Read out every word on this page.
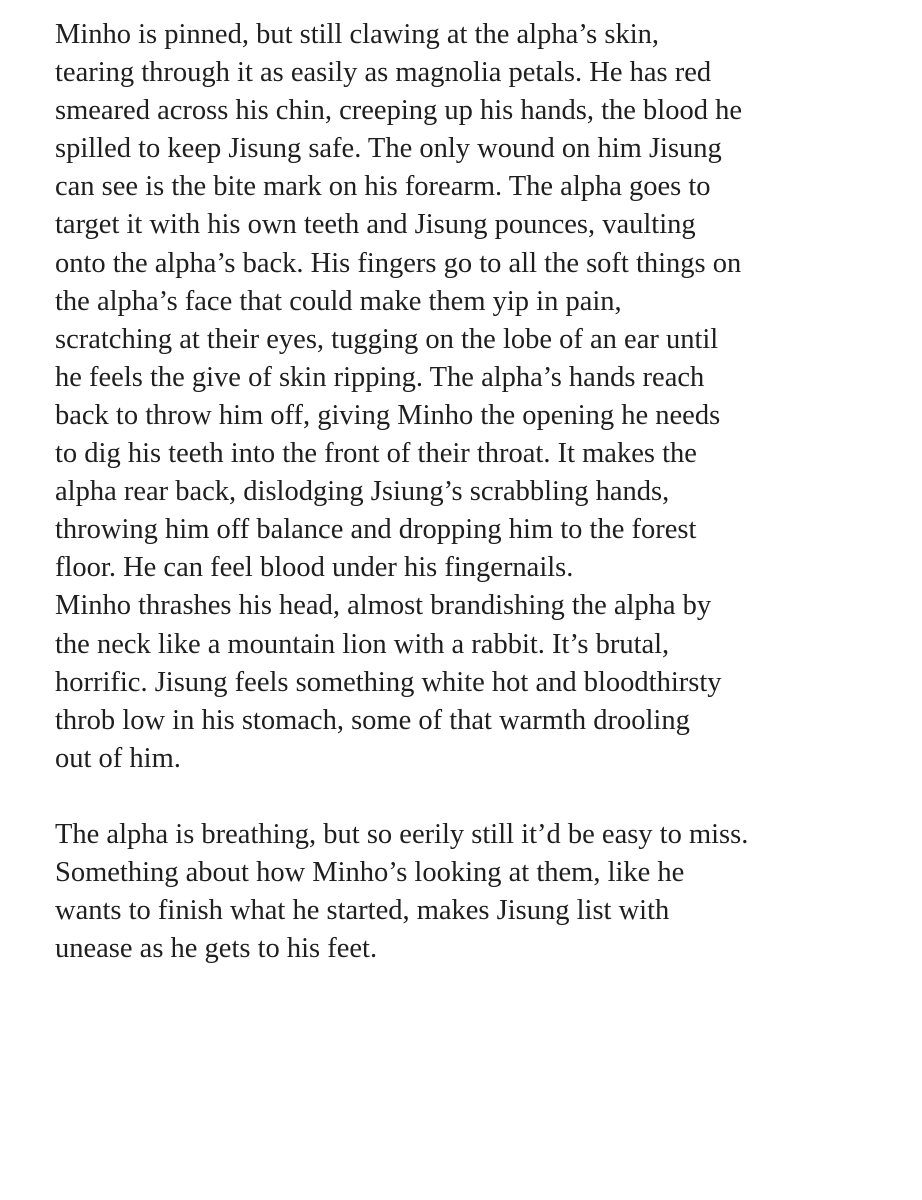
Minho is pinned, but still clawing at the alpha’s skin,
tearing through it as easily as magnolia petals. He has red
smeared across his chin, creeping up his hands, the blood he
spilled to keep Jisung safe. The only wound on him Jisung
can see is the bite mark on his forearm. The alpha goes to
target it with his own teeth and Jisung pounces, vaulting
onto the alpha’s back. His fingers go to all the soft things on
the alpha’s face that could make them yip in pain,
scratching at their eyes, tugging on the lobe of an ear until
he feels the give of skin ripping. The alpha’s hands reach
back to throw him off, giving Minho the opening he needs
to dig his teeth into the front of their throat. It makes the
alpha rear back, dislodging Jsiung’s scrabbling hands,
throwing him off balance and dropping him to the forest
floor. He can feel blood under his fingernails.
Minho thrashes his head, almost brandishing the alpha by
the neck like a mountain lion with a rabbit. It’s brutal,
horrific. Jisung feels something white hot and bloodthirsty
throb low in his stomach, some of that warmth drooling
out of him.
The alpha is breathing, but so eerily still it’d be easy to miss.
Something about how Minho’s looking at them, like he
wants to finish what he started, makes Jisung list with
unease as he gets to his feet.
